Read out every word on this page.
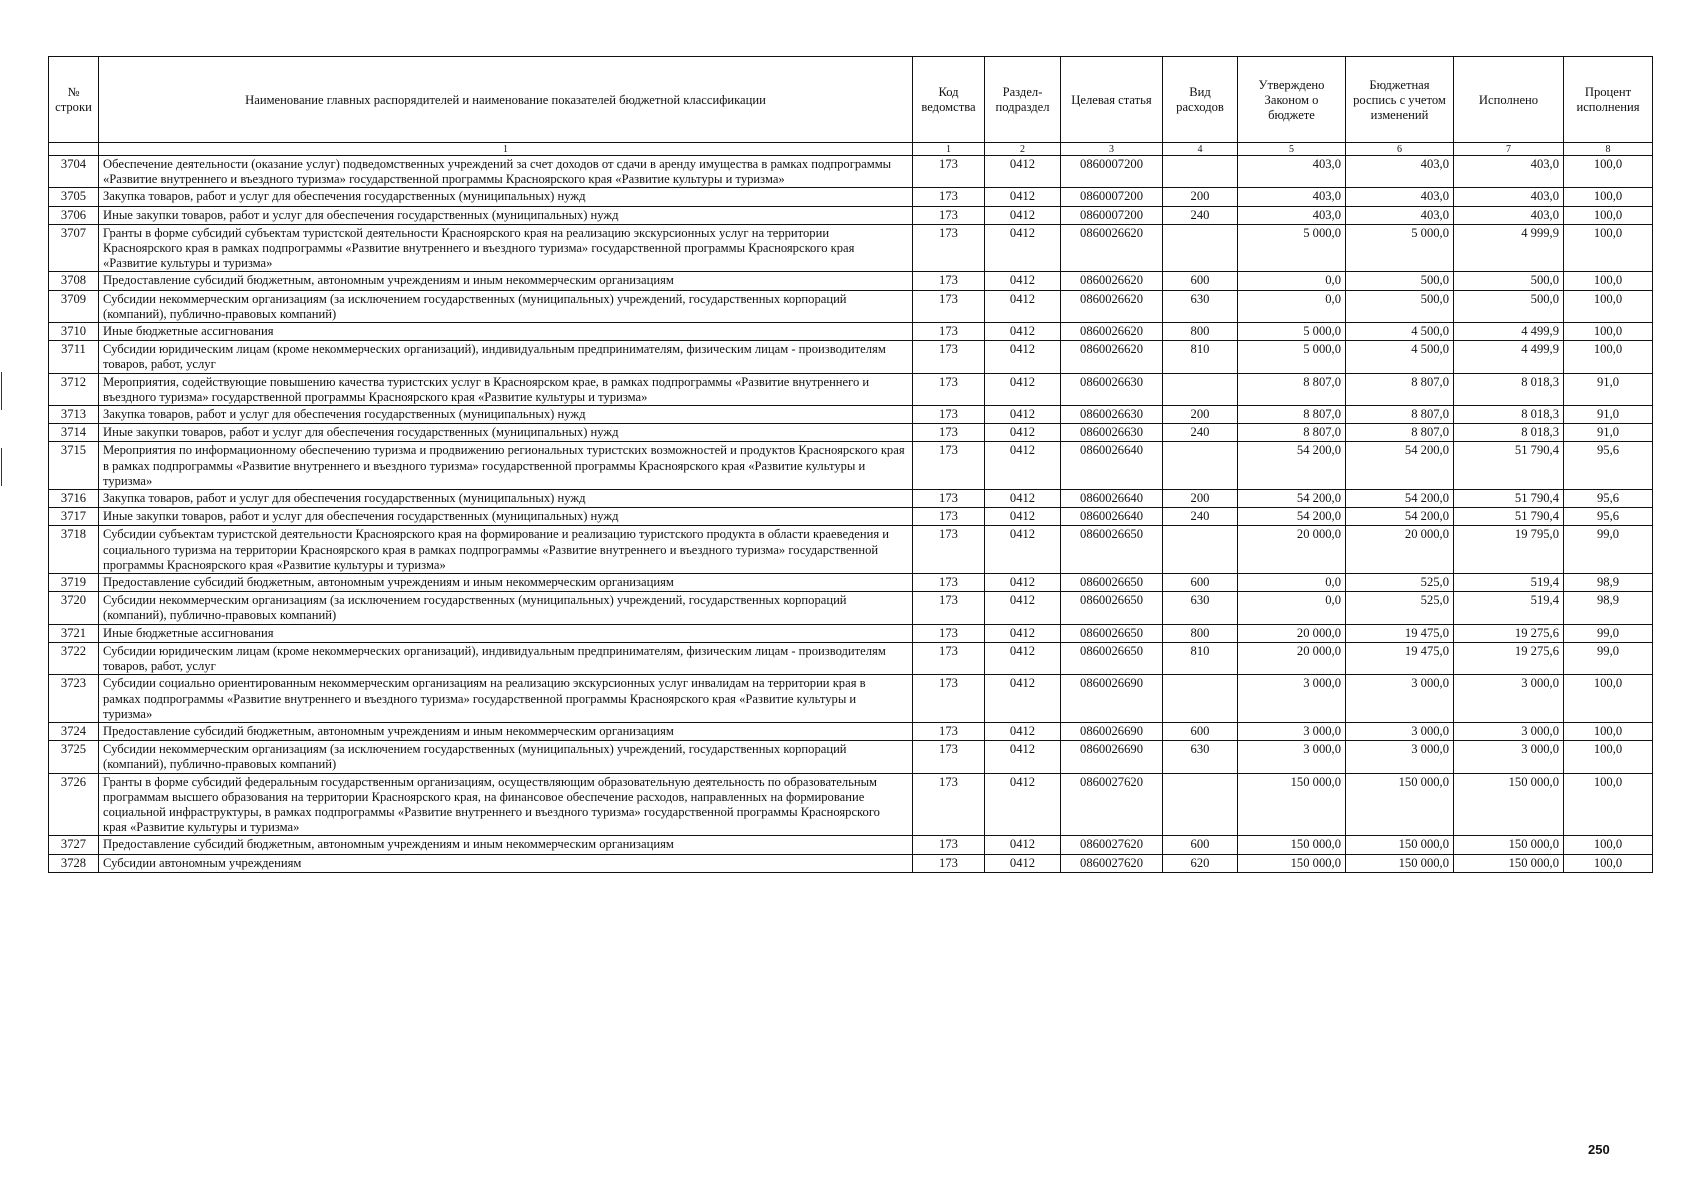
№ строки	Наименование главных распорядителей и наименование показателей бюджетной классификации	Код ведомства	Раздел-подраздел	Целевая статья	Вид расходов	Утверждено Законом о бюджете	Бюджетная роспись с учетом изменений	Исполнено	Процент исполнения
	1	1	2	3	4	5	6	7	8
3704	Обеспечение деятельности (оказание услуг) подведомственных учреждений за счет доходов от сдачи в аренду имущества в рамках подпрограммы «Развитие внутреннего и въездного туризма» государственной программы Красноярского края «Развитие культуры и туризма»	173	0412	0860007200		403,0	403,0	403,0	100,0
3705	Закупка товаров, работ и услуг для обеспечения государственных (муниципальных) нужд	173	0412	0860007200	200	403,0	403,0	403,0	100,0
3706	Иные закупки товаров, работ и услуг для обеспечения государственных (муниципальных) нужд	173	0412	0860007200	240	403,0	403,0	403,0	100,0
3707	Гранты в форме субсидий субъектам туристской деятельности Красноярского края на реализацию экскурсионных услуг на территории Красноярского края в рамках подпрограммы «Развитие внутреннего и въездного туризма» государственной программы Красноярского края «Развитие культуры и туризма»	173	0412	0860026620		5 000,0	5 000,0	4 999,9	100,0
3708	Предоставление субсидий бюджетным, автономным учреждениям и иным некоммерческим организациям	173	0412	0860026620	600	0,0	500,0	500,0	100,0
3709	Субсидии некоммерческим организациям (за исключением государственных (муниципальных) учреждений, государственных корпораций (компаний), публично-правовых компаний)	173	0412	0860026620	630	0,0	500,0	500,0	100,0
3710	Иные бюджетные ассигнования	173	0412	0860026620	800	5 000,0	4 500,0	4 499,9	100,0
3711	Субсидии юридическим лицам (кроме некоммерческих организаций), индивидуальным предпринимателям, физическим лицам - производителям товаров, работ, услуг	173	0412	0860026620	810	5 000,0	4 500,0	4 499,9	100,0
3712	Мероприятия, содействующие повышению качества туристских услуг в Красноярском крае, в рамках подпрограммы «Развитие внутреннего и въездного туризма» государственной программы Красноярского края «Развитие культуры и туризма»	173	0412	0860026630		8 807,0	8 807,0	8 018,3	91,0
3713	Закупка товаров, работ и услуг для обеспечения государственных (муниципальных) нужд	173	0412	0860026630	200	8 807,0	8 807,0	8 018,3	91,0
3714	Иные закупки товаров, работ и услуг для обеспечения государственных (муниципальных) нужд	173	0412	0860026630	240	8 807,0	8 807,0	8 018,3	91,0
3715	Мероприятия по информационному обеспечению туризма и продвижению региональных туристских возможностей и продуктов Красноярского края в рамках подпрограммы «Развитие внутреннего и въездного туризма» государственной программы Красноярского края «Развитие культуры и туризма»	173	0412	0860026640		54 200,0	54 200,0	51 790,4	95,6
3716	Закупка товаров, работ и услуг для обеспечения государственных (муниципальных) нужд	173	0412	0860026640	200	54 200,0	54 200,0	51 790,4	95,6
3717	Иные закупки товаров, работ и услуг для обеспечения государственных (муниципальных) нужд	173	0412	0860026640	240	54 200,0	54 200,0	51 790,4	95,6
3718	Субсидии субъектам туристской деятельности Красноярского края на формирование и реализацию туристского продукта в области краеведения и социального туризма на территории Красноярского края в рамках подпрограммы «Развитие внутреннего и въездного туризма» государственной программы Красноярского края «Развитие культуры и туризма»	173	0412	0860026650		20 000,0	20 000,0	19 795,0	99,0
3719	Предоставление субсидий бюджетным, автономным учреждениям и иным некоммерческим организациям	173	0412	0860026650	600	0,0	525,0	519,4	98,9
3720	Субсидии некоммерческим организациям (за исключением государственных (муниципальных) учреждений, государственных корпораций (компаний), публично-правовых компаний)	173	0412	0860026650	630	0,0	525,0	519,4	98,9
3721	Иные бюджетные ассигнования	173	0412	0860026650	800	20 000,0	19 475,0	19 275,6	99,0
3722	Субсидии юридическим лицам (кроме некоммерческих организаций), индивидуальным предпринимателям, физическим лицам - производителям товаров, работ, услуг	173	0412	0860026650	810	20 000,0	19 475,0	19 275,6	99,0
3723	Субсидии социально ориентированным некоммерческим организациям на реализацию экскурсионных услуг инвалидам на территории края в рамках подпрограммы «Развитие внутреннего и въездного туризма» государственной программы Красноярского края «Развитие культуры и туризма»	173	0412	0860026690		3 000,0	3 000,0	3 000,0	100,0
3724	Предоставление субсидий бюджетным, автономным учреждениям и иным некоммерческим организациям	173	0412	0860026690	600	3 000,0	3 000,0	3 000,0	100,0
3725	Субсидии некоммерческим организациям (за исключением государственных (муниципальных) учреждений, государственных корпораций (компаний), публично-правовых компаний)	173	0412	0860026690	630	3 000,0	3 000,0	3 000,0	100,0
3726	Гранты в форме субсидий федеральным государственным организациям, осуществляющим образовательную деятельность по образовательным программам высшего образования на территории Красноярского края, на финансовое обеспечение расходов, направленных на формирование социальной инфраструктуры, в рамках подпрограммы «Развитие внутреннего и въездного туризма» государственной программы Красноярского края «Развитие культуры и туризма»	173	0412	0860027620		150 000,0	150 000,0	150 000,0	100,0
3727	Предоставление субсидий бюджетным, автономным учреждениям и иным некоммерческим организациям	173	0412	0860027620	600	150 000,0	150 000,0	150 000,0	100,0
3728	Субсидии автономным учреждениям	173	0412	0860027620	620	150 000,0	150 000,0	150 000,0	100,0
250
